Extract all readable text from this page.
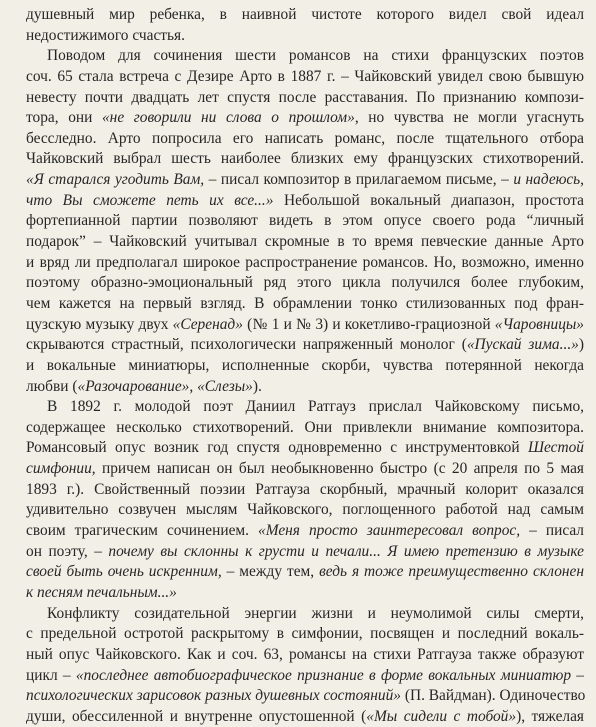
душевный мир ребенка, в наивной чистоте которого видел свой идеал
недостижимого счастья.
Поводом для сочинения шести романсов на стихи французских поэтов
соч. 65 стала встреча с Дезире Арто в 1887 г. – Чайковский увидел свою бывшую
невесту почти двадцать лет спустя после расставания. По признанию компози-
тора, они «не говорили ни слова о прошлом», но чувства не могли угаснуть
бесследно. Арто попросила его написать романс, после тщательного отбора
Чайковский выбрал шесть наиболее близких ему французских стихотворений.
«Я старался угодить Вам, – писал композитор в прилагаемом письме, – и надеюсь,
что Вы сможете петь их все...» Небольшой вокальный диапазон, простота
фортепианной партии позволяют видеть в этом опусе своего рода “личный
подарок” – Чайковский учитывал скромные в то время певческие данные Арто
и вряд ли предполагал широкое распространение романсов. Но, возможно, именно
поэтому образно-эмоциональный ряд этого цикла получился более глубоким,
чем кажется на первый взгляд. В обрамлении тонко стилизованных под фран-
цузскую музыку двух «Серенад» (№ 1 и № 3) и кокетливо-грациозной «Чаровницы»
скрываются страстный, психологически напряженный монолог («Пускай зима...»)
и вокальные миниатюры, исполненные скорби, чувства потерянной некогда
любви («Разочарование», «Слезы»).
В 1892 г. молодой поэт Даниил Ратгауз прислал Чайковскому письмо,
содержащее несколько стихотворений. Они привлекли внимание композитора.
Романсовый опус возник год спустя одновременно с инструментовкой Шестой
симфонии, причем написан он был необыкновенно быстро (с 20 апреля по 5 мая
1893 г.). Свойственный поэзии Ратгауза скорбный, мрачный колорит оказался
удивительно созвучен мыслям Чайковского, поглощенного работой над самым
своим трагическим сочинением. «Меня просто заинтересовал вопрос, – писал
он поэту, – почему вы склонны к грусти и печали... Я имею претензию в музыке
своей быть очень искренним, – между тем, ведь я тоже преимущественно склонен
к песням печальным...»
Конфликту созидательной энергии жизни и неумолимой силы смерти,
с предельной остротой раскрытому в симфонии, посвящен и последний вокаль-
ный опус Чайковского. Как и соч. 63, романсы на стихи Ратгауза также образуют
цикл – «последнее автобиографическое признание в форме вокальных миниатюр –
психологических зарисовок разных душевных состояний» (П. Вайдман). Одиночество
души, обессиленной и внутренне опустошенной («Мы сидели с тобой»), тяжелая
